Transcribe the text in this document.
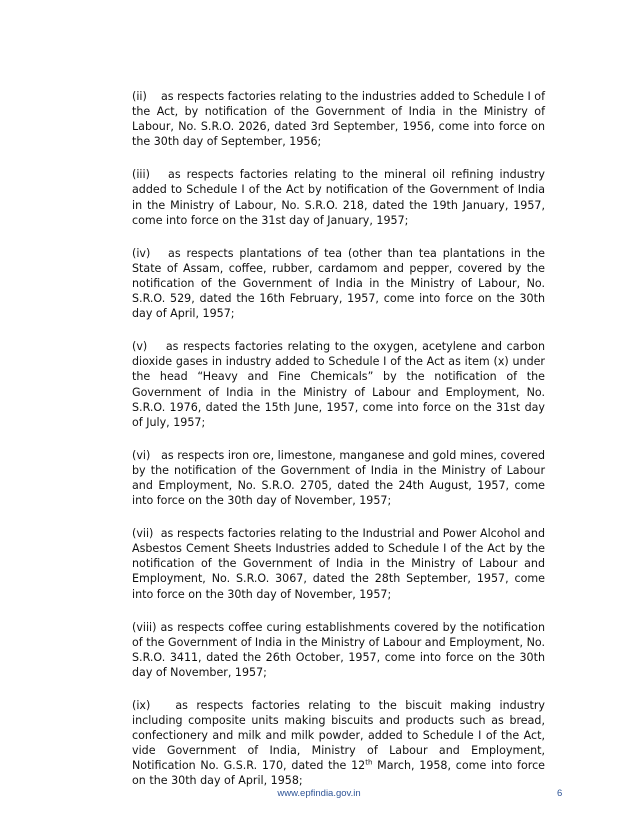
(ii)    as respects factories relating to the industries added to Schedule I of the Act, by notification of the Government of India in the Ministry of Labour, No. S.R.O. 2026, dated 3rd September, 1956, come into force on the 30th day of September, 1956;

(iii)   as respects factories relating to the mineral oil refining industry added to Schedule I of the Act by notification of the Government of India in the Ministry of Labour, No. S.R.O. 218, dated the 19th January, 1957, come into force on the 31st day of January, 1957;

(iv)   as respects plantations of tea (other than tea plantations in the State of Assam, coffee, rubber, cardamom and pepper, covered by the notification of the Government of India in the Ministry of Labour, No. S.R.O. 529, dated the 16th February, 1957, come into force on the 30th day of April, 1957;

(v)    as respects factories relating to the oxygen, acetylene and carbon dioxide gases in industry added to Schedule I of the Act as item (x) under the head “Heavy and Fine Chemicals” by the notification of the Government of India in the Ministry of Labour and Employment, No. S.R.O. 1976, dated the 15th June, 1957, come into force on the 31st day of July, 1957;

(vi)   as respects iron ore, limestone, manganese and gold mines, covered by the notification of the Government of India in the Ministry of Labour and Employment, No. S.R.O. 2705, dated the 24th August, 1957, come into force on the 30th day of November, 1957;

(vii)  as respects factories relating to the Industrial and Power Alcohol and Asbestos Cement Sheets Industries added to Schedule I of the Act by the notification of the Government of India in the Ministry of Labour and Employment, No. S.R.O. 3067, dated the 28th September, 1957, come into force on the 30th day of November, 1957;

(viii) as respects coffee curing establishments covered by the notification of the Government of India in the Ministry of Labour and Employment, No. S.R.O. 3411, dated the 26th October, 1957, come into force on the 30th day of November, 1957;

(ix)   as respects factories relating to the biscuit making industry including composite units making biscuits and products such as bread, confectionery and milk and milk powder, added to Schedule I of the Act, vide Government of India, Ministry of Labour and Employment, Notification No. G.S.R. 170, dated the 12th March, 1958, come into force on the 30th day of April, 1958;

www.epfindia.gov.in	6
